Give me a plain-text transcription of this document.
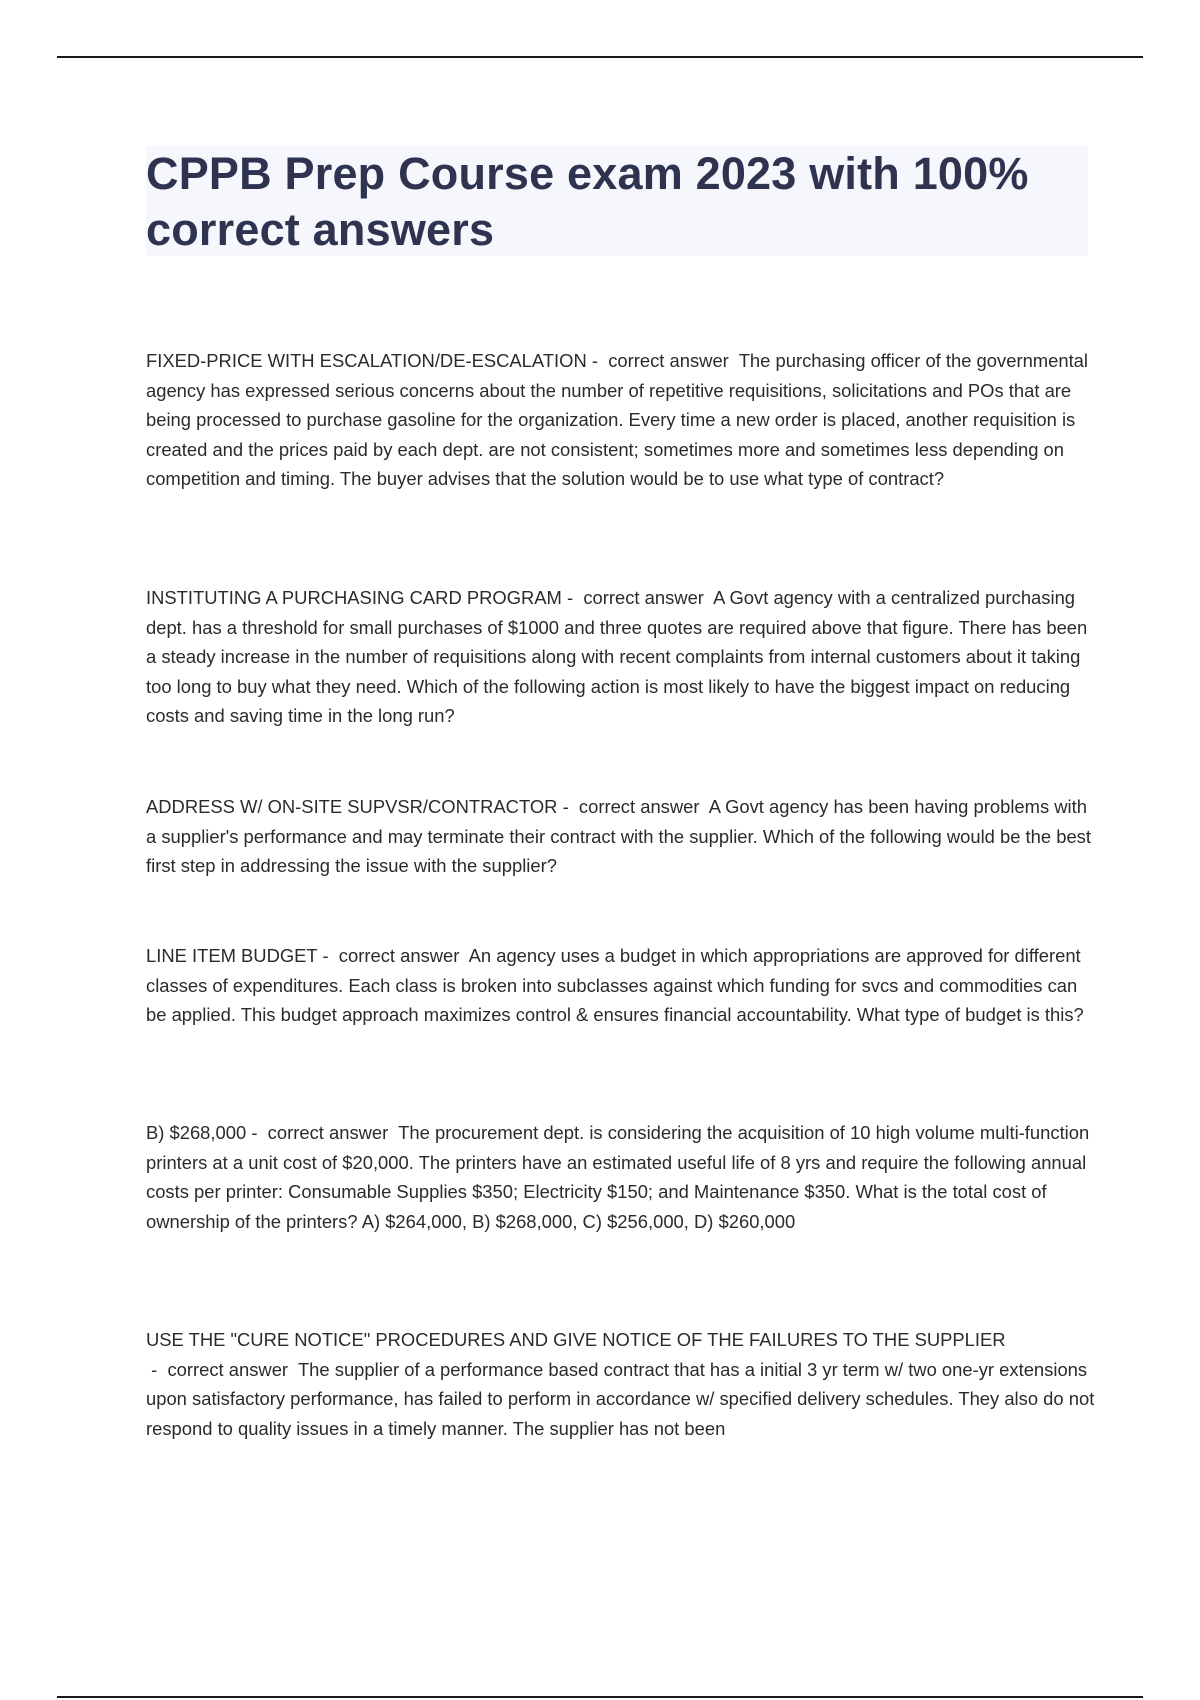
CPPB Prep Course exam 2023 with 100% correct answers

FIXED-PRICE WITH ESCALATION/DE-ESCALATION -  correct answer  The purchasing officer of the governmental agency has expressed serious concerns about the number of repetitive requisitions, solicitations and POs that are being processed to purchase gasoline for the organization. Every time a new order is placed, another requisition is created and the prices paid by each dept. are not consistent; sometimes more and sometimes less depending on competition and timing. The buyer advises that the solution would be to use what type of contract?

INSTITUTING A PURCHASING CARD PROGRAM -  correct answer  A Govt agency with a centralized purchasing dept. has a threshold for small purchases of $1000 and three quotes are required above that figure. There has been a steady increase in the number of requisitions along with recent complaints from internal customers about it taking too long to buy what they need. Which of the following action is most likely to have the biggest impact on reducing costs and saving time in the long run?

ADDRESS W/ ON-SITE SUPVSR/CONTRACTOR -  correct answer  A Govt agency has been having problems with a supplier's performance and may terminate their contract with the supplier. Which of the following would be the best first step in addressing the issue with the supplier?

LINE ITEM BUDGET -  correct answer  An agency uses a budget in which appropriations are approved for different classes of expenditures. Each class is broken into subclasses against which funding for svcs and commodities can be applied. This budget approach maximizes control & ensures financial accountability. What type of budget is this?

B) $268,000 -  correct answer  The procurement dept. is considering the acquisition of 10 high volume multi-function printers at a unit cost of $20,000. The printers have an estimated useful life of 8 yrs and require the following annual costs per printer: Consumable Supplies $350; Electricity $150; and Maintenance $350. What is the total cost of ownership of the printers? A) $264,000, B) $268,000, C) $256,000, D) $260,000

USE THE "CURE NOTICE" PROCEDURES AND GIVE NOTICE OF THE FAILURES TO THE SUPPLIER -  correct answer  The supplier of a performance based contract that has a initial 3 yr term w/ two one-yr extensions upon satisfactory performance, has failed to perform in accordance w/ specified delivery schedules. They also do not respond to quality issues in a timely manner. The supplier has not been
